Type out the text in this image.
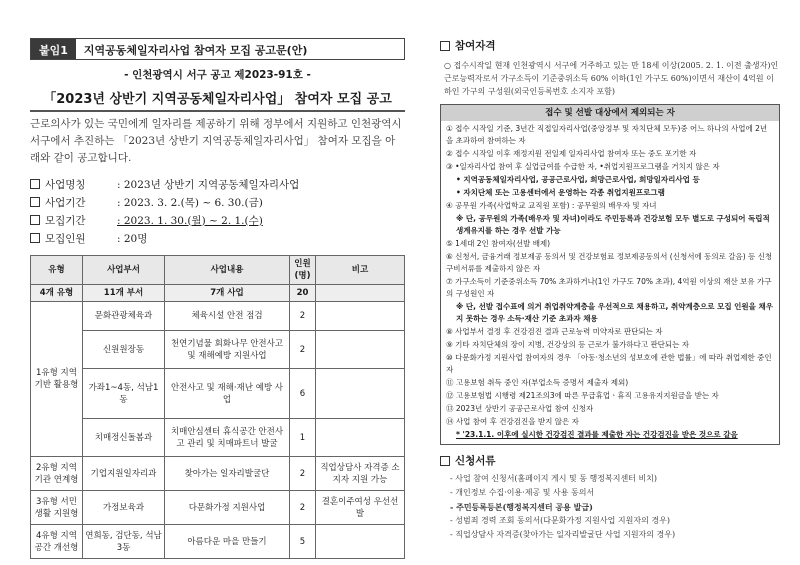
붙임1	지역공동체일자리사업 참여자 모집 공고문(안)
- 인천광역시 서구 공고 제2023-91호 -
「2023년 상반기 지역공동체일자리사업」 참여자 모집 공고
근로의사가 있는 국민에게 일자리를 제공하기 위해 정부에서 지원하고 인천광역시 서구에서 추진하는 「2023년 상반기 지역공동체일자리사업」 참여자 모집을 아래와 같이 공고합니다.
사업명칭	: 2023년 상반기 지역공동체일자리사업
사업기간	: 2023. 3. 2.(목) ~ 6. 30.(금)
모집기간	: 2023. 1. 30.(월) ~ 2. 1.(수)
모집인원	: 20명
유형	사업부서	사업내용	인원(명)	비고
4개 유형	11개 부서	7개 사업	20	
1유형 지역기반 활용형	문화관광체육과	체육시설 안전 점검	2	
	신원원장동	천연기념물 회화나무 안전사고 및 재해예방 지원사업	2	
	가좌1~4동, 석남1동	안전사고 및 재해·재난 예방 사업	6	
	치매정신돌봄과	치매안심센터 휴식공간 안전사고 관리 및 치매파트너 발굴	1	
2유형 지역기관 연계형	기업지원일자리과	찾아가는 일자리발굴단	2	직업상담사 자격증 소지자 지원 가능
3유형 서민생활 지원형	가정보육과	다문화가정 지원사업	2	결혼이주여성 우선선발
4유형 지역공간 개선형	연희동, 검단동, 석남3동	아름다운 마을 만들기	5	
참여자격
○ 접수시작일 현재 인천광역시 서구에 거주하고 있는 만 18세 이상(2005. 2. 1. 이전 출생자)인 근로능력자로서 가구소득이 기준중위소득 60% 이하(1인 가구도 60%)이면서 재산이 4억원 이하인 가구의 구성원(외국인등록번호 소지자 포함)
접수 및 선발 대상에서 제외되는 자
① 접수 시작일 기준, 3년간 직접일자리사업(중앙정부 및 자치단체 모두)중 어느 하나의 사업에 2년을 초과하여 참여하는 자
② 접수 시작일 이후 재정지원 전일제 일자리사업 참여자 또는 중도 포기한 자
③ •일자리사업 참여 후 실업급여를 수급한 자, •취업지원프로그램을 거치지 않은 자
• 지역공동체일자리사업, 공공근로사업, 희망근로사업, 희망일자리사업 등
• 자치단체 또는 고용센터에서 운영하는 각종 취업지원프로그램
④ 공무원 가족(사업학교 교직원 포함) : 공무원의 배우자 및 자녀
※ 단, 공무원의 가족(배우자 및 자녀)이라도 주민등록과 건강보험 모두 별도로 구성되어 독립적 생계유지를 하는 경우 선발 가능
⑤ 1세대 2인 참여자(선발 배제)
⑥ 신청서, 금융거래 정보제공 동의서 및 건강보험료 정보제공동의서 (신청서에 동의로 갈음) 등 신청 구비서류를 제출하지 않은 자
⑦ 가구소득이 기준중위소득 70% 초과하거나(1인 가구도 70% 초과), 4억원 이상의 재산 보유 가구의 구성원인 자
※ 단, 선발 접수표에 의거 취업취약계층을 우선적으로 채용하고, 취약계층으로 모집 인원을 채우지 못하는 경우 소득·재산 기준 초과자 채용
⑧ 사업부서 결정 후 건강검진 결과 근로능력 미약자로 판단되는 자
⑨ 기타 자치단체의 장이 지병, 건강상의 등 근로가 불가하다고 판단되는 자
⑩ 다문화가정 지원사업 참여자의 경우 「아동·청소년의 성보호에 관한 법률」에 따라 취업제한 중인 자
⑪ 고용보험 취득 중인 자(부업소득 증명서 제출자 제외)
⑫ 고용보험법 시행령 제21조의3에 따른 무급휴업ㆍ휴직 고용유지지원금을 받는 자
⑬ 2023년 상반기 공공근로사업 참여 신청자
⑭ 사업 참여 후 건강검진을 받지 않은 자
* '23.1.1. 이후에 실시한 건강검진 결과를 제출한 자는 건강검진을 받은 것으로 갈음
신청서류
- 사업 참여 신청서(홈페이지 게시 및 동 행정복지센터 비치)
- 개인정보 수집·이용·제공 및 사용 동의서
- 주민등록등본(행정복지센터 공용 발급)
- 성범죄 경력 조회 동의서(다문화가정 지원사업 지원자의 경우)
- 직업상담사 자격증(찾아가는 일자리발굴단 사업 지원자의 경우)
